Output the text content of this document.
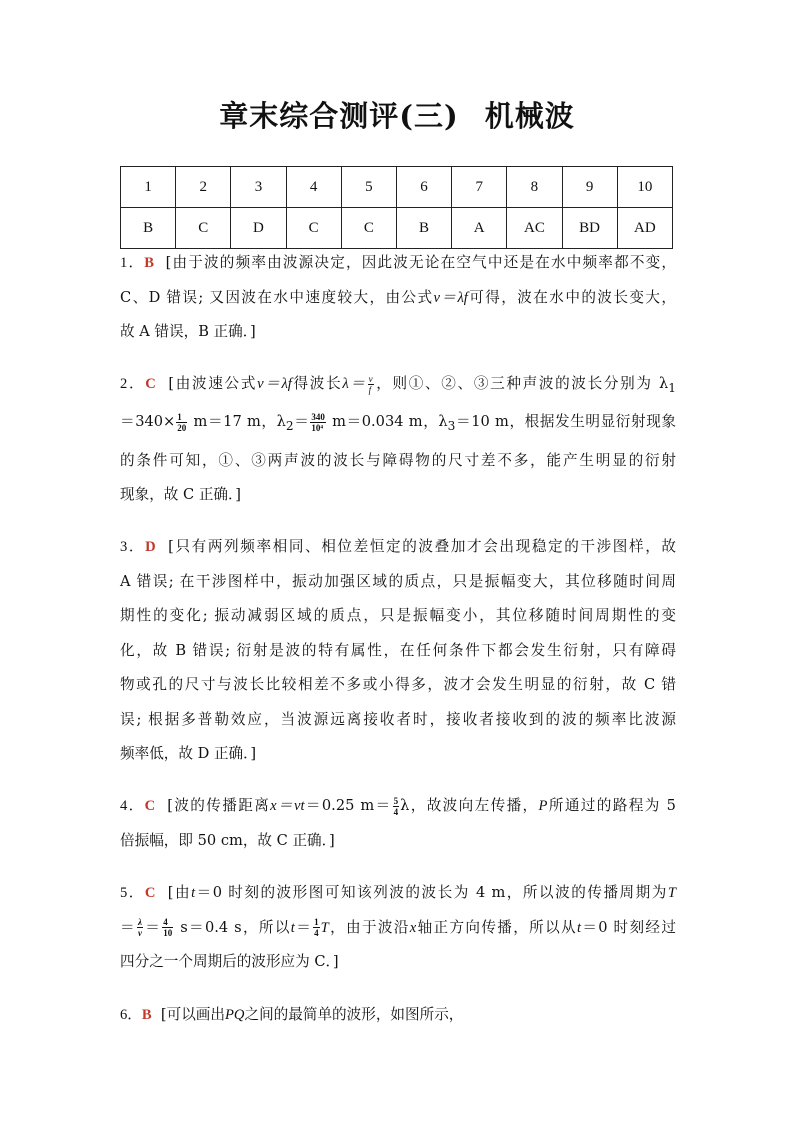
章末综合测评(三) 机械波
1	2	3	4	5	6	7	8	9	10
B	C	D	C	C	B	A	AC	BD	AD
1．B [由于波的频率由波源决定，因此波无论在空气中还是在水中频率都不变，
C、D 错误; 又因波在水中速度较大，由公式v＝λf可得，波在水中的波长变大，
故 A 错误，B 正确．]
2．C [由波速公式v＝λf得波长$\lambda= \frac{v}{f}$ ，则①、②、③三种声波的波长分别为 $\lambda_1$
$=340\times \frac{1}{20} m=17$ m，$\lambda_2= \frac{340}{\text{10⁴}} m=0.034$ m，$\lambda_3=10$ m，根据发生明显衍射现象
的条件可知，①、③两声波的波长与障碍物的尺寸差不多，能产生明显的衍射
现象，故 C 正确．]
3．D [只有两列频率相同、相位差恒定的波叠加才会出现稳定的干涉图样，故
A 错误; 在干涉图样中，振动加强区域的质点，只是振幅变大，其位移随时间周
期性的变化; 振动减弱区域的质点，只是振幅变小，其位移随时间周期性的变
化，故 B 错误; 衍射是波的特有属性，在任何条件下都会发生衍射，只有障碍
物或孔的尺寸与波长比较相差不多或小得多，波才会发生明显的衍射，故 C 错
误; 根据多普勒效应，当波源远离接收者时，接收者接收到的波的频率比波源
频率低，故 D 正确．]
4．C [波的传播距离x＝vt＝0.25 $m= \frac{5}{4}$ λ，故波向左传播，P所通过的路程为 5
倍振幅，即 50 cm，故 C 正确．]
5．C [由t＝0 时刻的波形图可知该列波的波长为 4 m，所以波的传播周期为T
＝ $\frac{\lambda}{v} = \frac{4}{10} s=0.4$ s，所以$t= \frac{1}{4}$ T，由于波沿x轴正方向传播，所以从t＝0 时刻经过
四分之一个周期后的波形应为 C．]
6．B [可以画出PQ之间的最简单的波形，如图所示，
